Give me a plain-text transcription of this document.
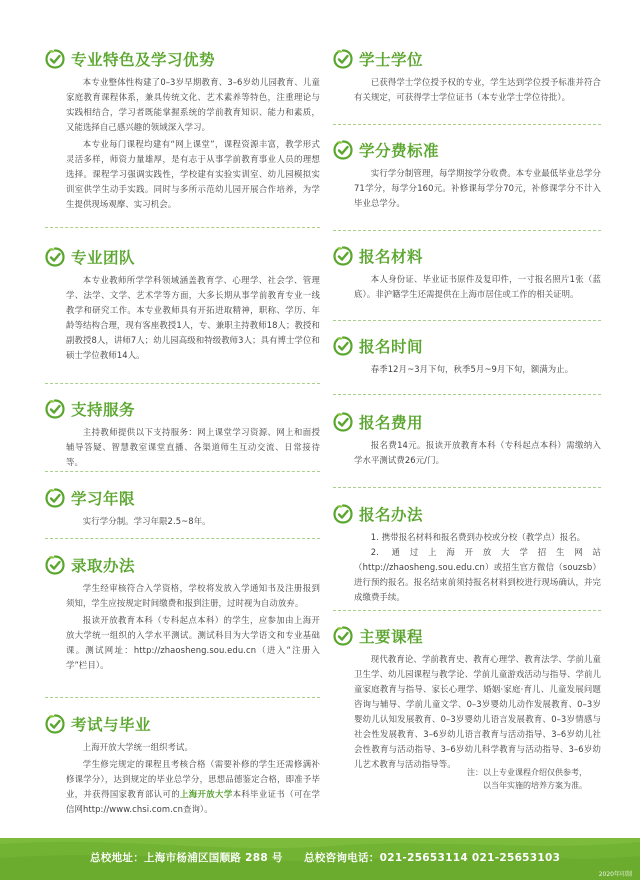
专业特色及学习优势

本专业整体性构建了0–3岁早期教育、3–6岁幼儿园教育、儿童家庭教育课程体系，兼具传统文化、艺术素养等特色，注重理论与实践相结合，学习者既能掌握系统的学前教育知识、能力和素质，又能选择自己感兴趣的领域深入学习。

本专业每门课程均建有“网上课堂”，课程资源丰富，教学形式灵活多样，师资力量雄厚，是有志于从事学前教育事业人员的理想选择。课程学习强调实践性，学校建有实验实训室、幼儿园模拟实训室供学生动手实践。同时与多所示范幼儿园开展合作培养，为学生提供现场观摩、实习机会。

专业团队

本专业教师所学学科领域涵盖教育学、心理学、社会学、管理学、法学、文学、艺术学等方面，大多长期从事学前教育专业一线教学和研究工作。本专业教师具有开拓进取精神，职称、学历、年龄等结构合理，现有客座教授1人，专、兼职主持教师18人；教授和副教授8人，讲师7人；幼儿园高级和特级教师3人；具有博士学位和硕士学位教师14人。

支持服务

主持教师提供以下支持服务：网上课堂学习资源、网上和面授辅导答疑、智慧教室课堂直播、各渠道师生互动交流、日常接待等。

学习年限

实行学分制。学习年限2.5~8年。

录取办法

学生经审核符合入学资格，学校将发放入学通知书及注册报到须知，学生应按规定时间缴费和报到注册，过时视为自动放弃。

报读开放教育本科（专科起点本科）的学生，应参加由上海开放大学统一组织的入学水平测试。测试科目为大学语文和专业基础课。测试网址：http://zhaosheng.sou.edu.cn（进入“注册入学”栏目）。

考试与毕业

上海开放大学统一组织考试。

学生修完规定的课程且考核合格（需要补修的学生还需修满补修课学分），达到规定的毕业总学分，思想品德鉴定合格，即准予毕业，并获得国家教育部认可的上海开放大学本科毕业证书（可在学信网http://www.chsi.com.cn查询）。

学士学位

已获得学士学位授予权的专业，学生达到学位授予标准并符合有关规定，可获得学士学位证书（本专业学士学位待批）。

学分费标准

实行学分制管理，每学期按学分收费。本专业最低毕业总学分71学分，每学分160元。补修课每学分70元，补修课学分不计入毕业总学分。

报名材料

本人身份证、毕业证书原件及复印件，一寸报名照片1张（蓝底）。非沪籍学生还需提供在上海市居住或工作的相关证明。

报名时间

春季12月~3月下旬，秋季5月~9月下旬，额满为止。

报名费用

报名费14元。报读开放教育本科（专科起点本科）需缴纳入学水平测试费26元/门。

报名办法

1. 携带报名材料和报名费到办校或分校（教学点）报名。

2. 通过上海开放大学招生网站（http://zhaosheng.sou.edu.cn）或招生官方微信（souzsb）进行预约报名。报名结束前须持报名材料到校进行现场确认，并完成缴费手续。

主要课程

现代教育论、学前教育史、教育心理学、教育法学、学前儿童卫生学、幼儿园课程与教学论、学前儿童游戏活动与指导、学前儿童家庭教育与指导、家长心理学、婚姻·家庭·育儿、儿童发展问题咨询与辅导、学前儿童文学、0–3岁婴幼儿动作发展教育、0–3岁婴幼儿认知发展教育、0–3岁婴幼儿语言发展教育、0–3岁情感与社会性发展教育、3–6岁幼儿语言教育与活动指导、3–6岁幼儿社会性教育与活动指导、3–6岁幼儿科学教育与活动指导、3–6岁幼儿艺术教育与活动指导等。

注：以上专业课程介绍仅供参考，
以当年实施的培养方案为准。
总校地址：上海市杨浦区国顺路 288 号 总校咨询电话：021-25653114 021-25653103
2020年印制
